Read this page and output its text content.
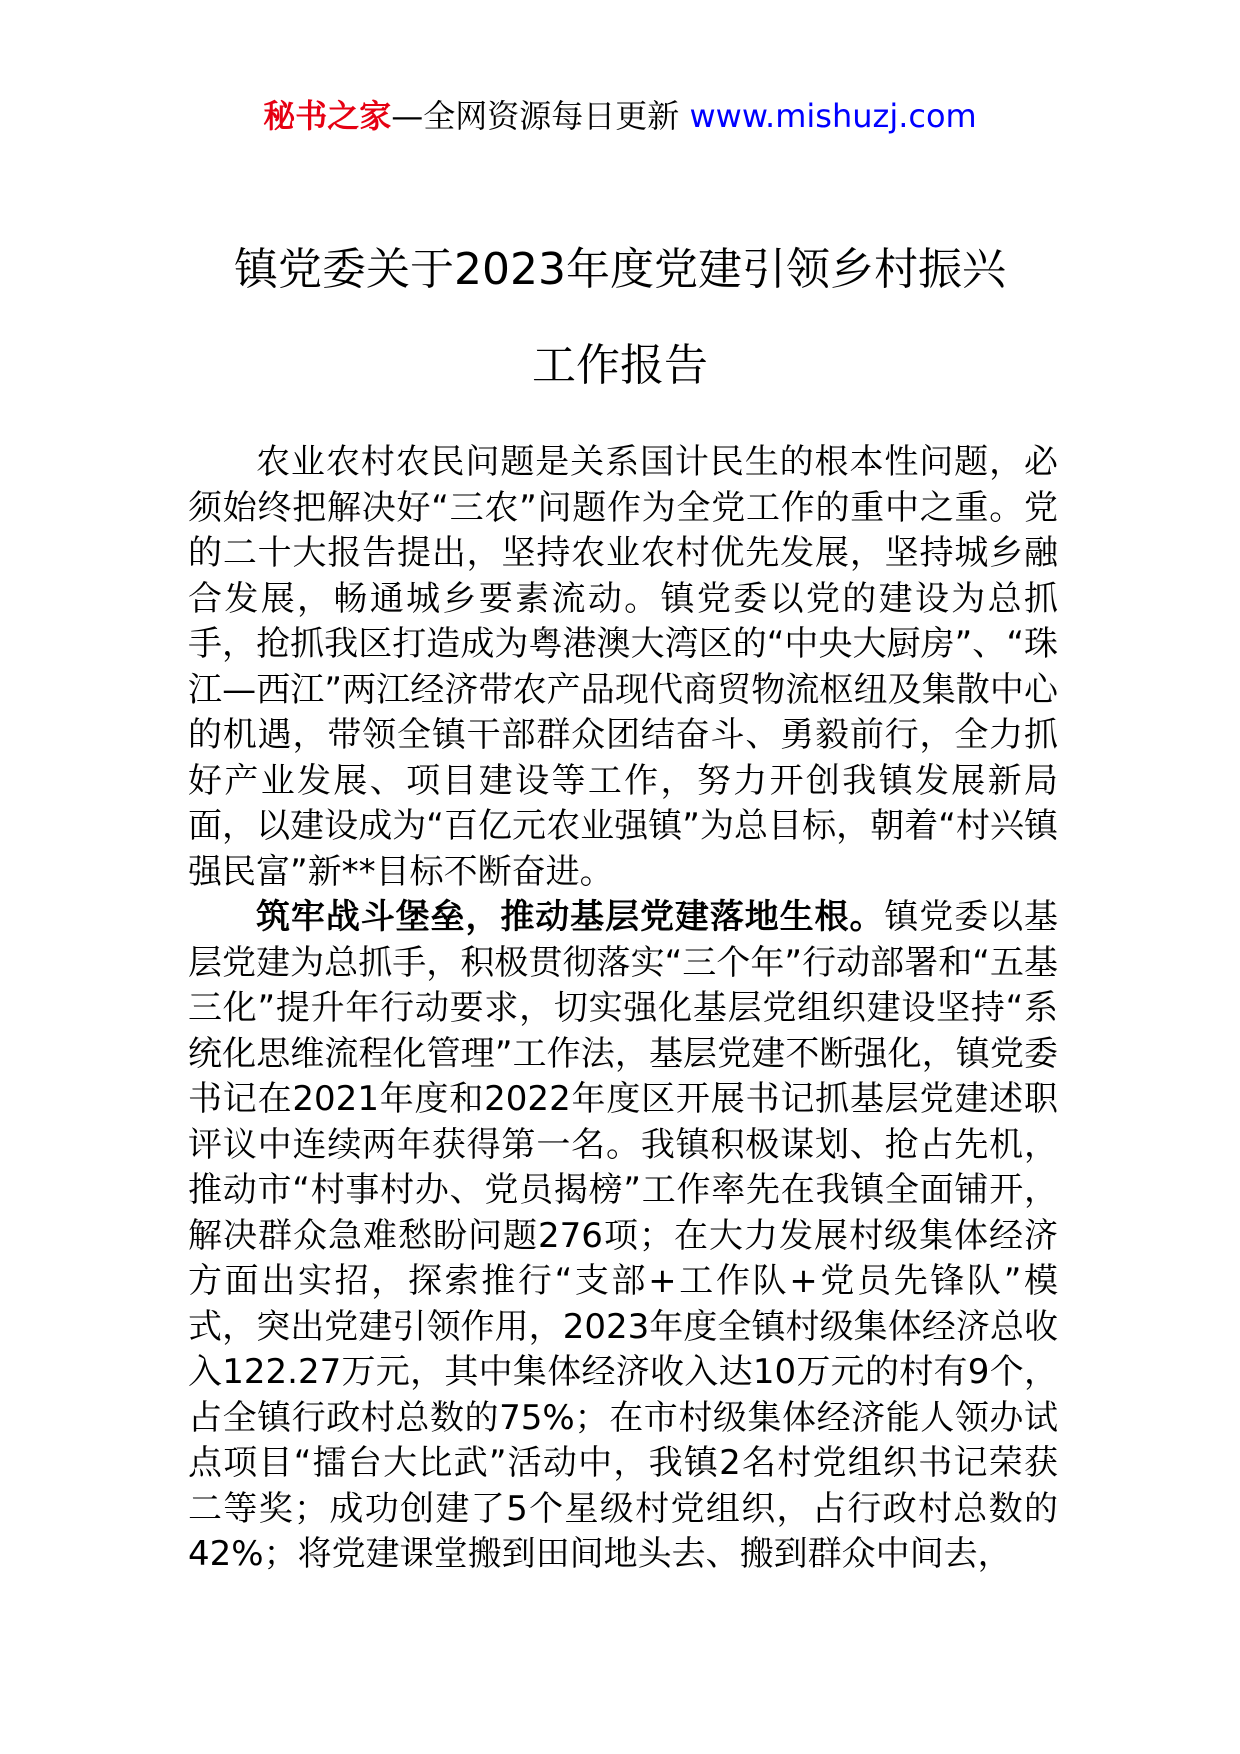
秘书之家—全网资源每日更新 www.mishuzj.com
镇党委关于2023年度党建引领乡村振兴
工作报告

农业农村农民问题是关系国计民生的根本性问题，必须始终把解决好“三农”问题作为全党工作的重中之重。党的二十大报告提出，坚持农业农村优先发展，坚持城乡融合发展，畅通城乡要素流动。镇党委以党的建设为总抓手，抢抓我区打造成为粤港澳大湾区的“中央大厨房”、“珠江—西江”两江经济带农产品现代商贸物流枢纽及集散中心的机遇，带领全镇干部群众团结奋斗、勇毅前行，全力抓好产业发展、项目建设等工作，努力开创我镇发展新局面，以建设成为“百亿元农业强镇”为总目标，朝着“村兴镇强民富”新**目标不断奋进。

筑牢战斗堡垒，推动基层党建落地生根。镇党委以基层党建为总抓手，积极贯彻落实“三个年”行动部署和“五基三化”提升年行动要求，切实强化基层党组织建设坚持“系统化思维流程化管理”工作法，基层党建不断强化，镇党委书记在2021年度和2022年度区开展书记抓基层党建述职评议中连续两年获得第一名。我镇积极谋划、抢占先机，推动市“村事村办、党员揭榜”工作率先在我镇全面铺开，解决群众急难愁盼问题276项；在大力发展村级集体经济方面出实招，探索推行“支部+工作队+党员先锋队”模式，突出党建引领作用，2023年度全镇村级集体经济总收入122.27万元，其中集体经济收入达10万元的村有9个，占全镇行政村总数的75%；在市村级集体经济能人领办试点项目“擂台大比武”活动中，我镇2名村党组织书记荣获二等奖；成功创建了5个星级村党组织，占行政村总数的42%；将党建课堂搬到田间地头去、搬到群众中间去，
